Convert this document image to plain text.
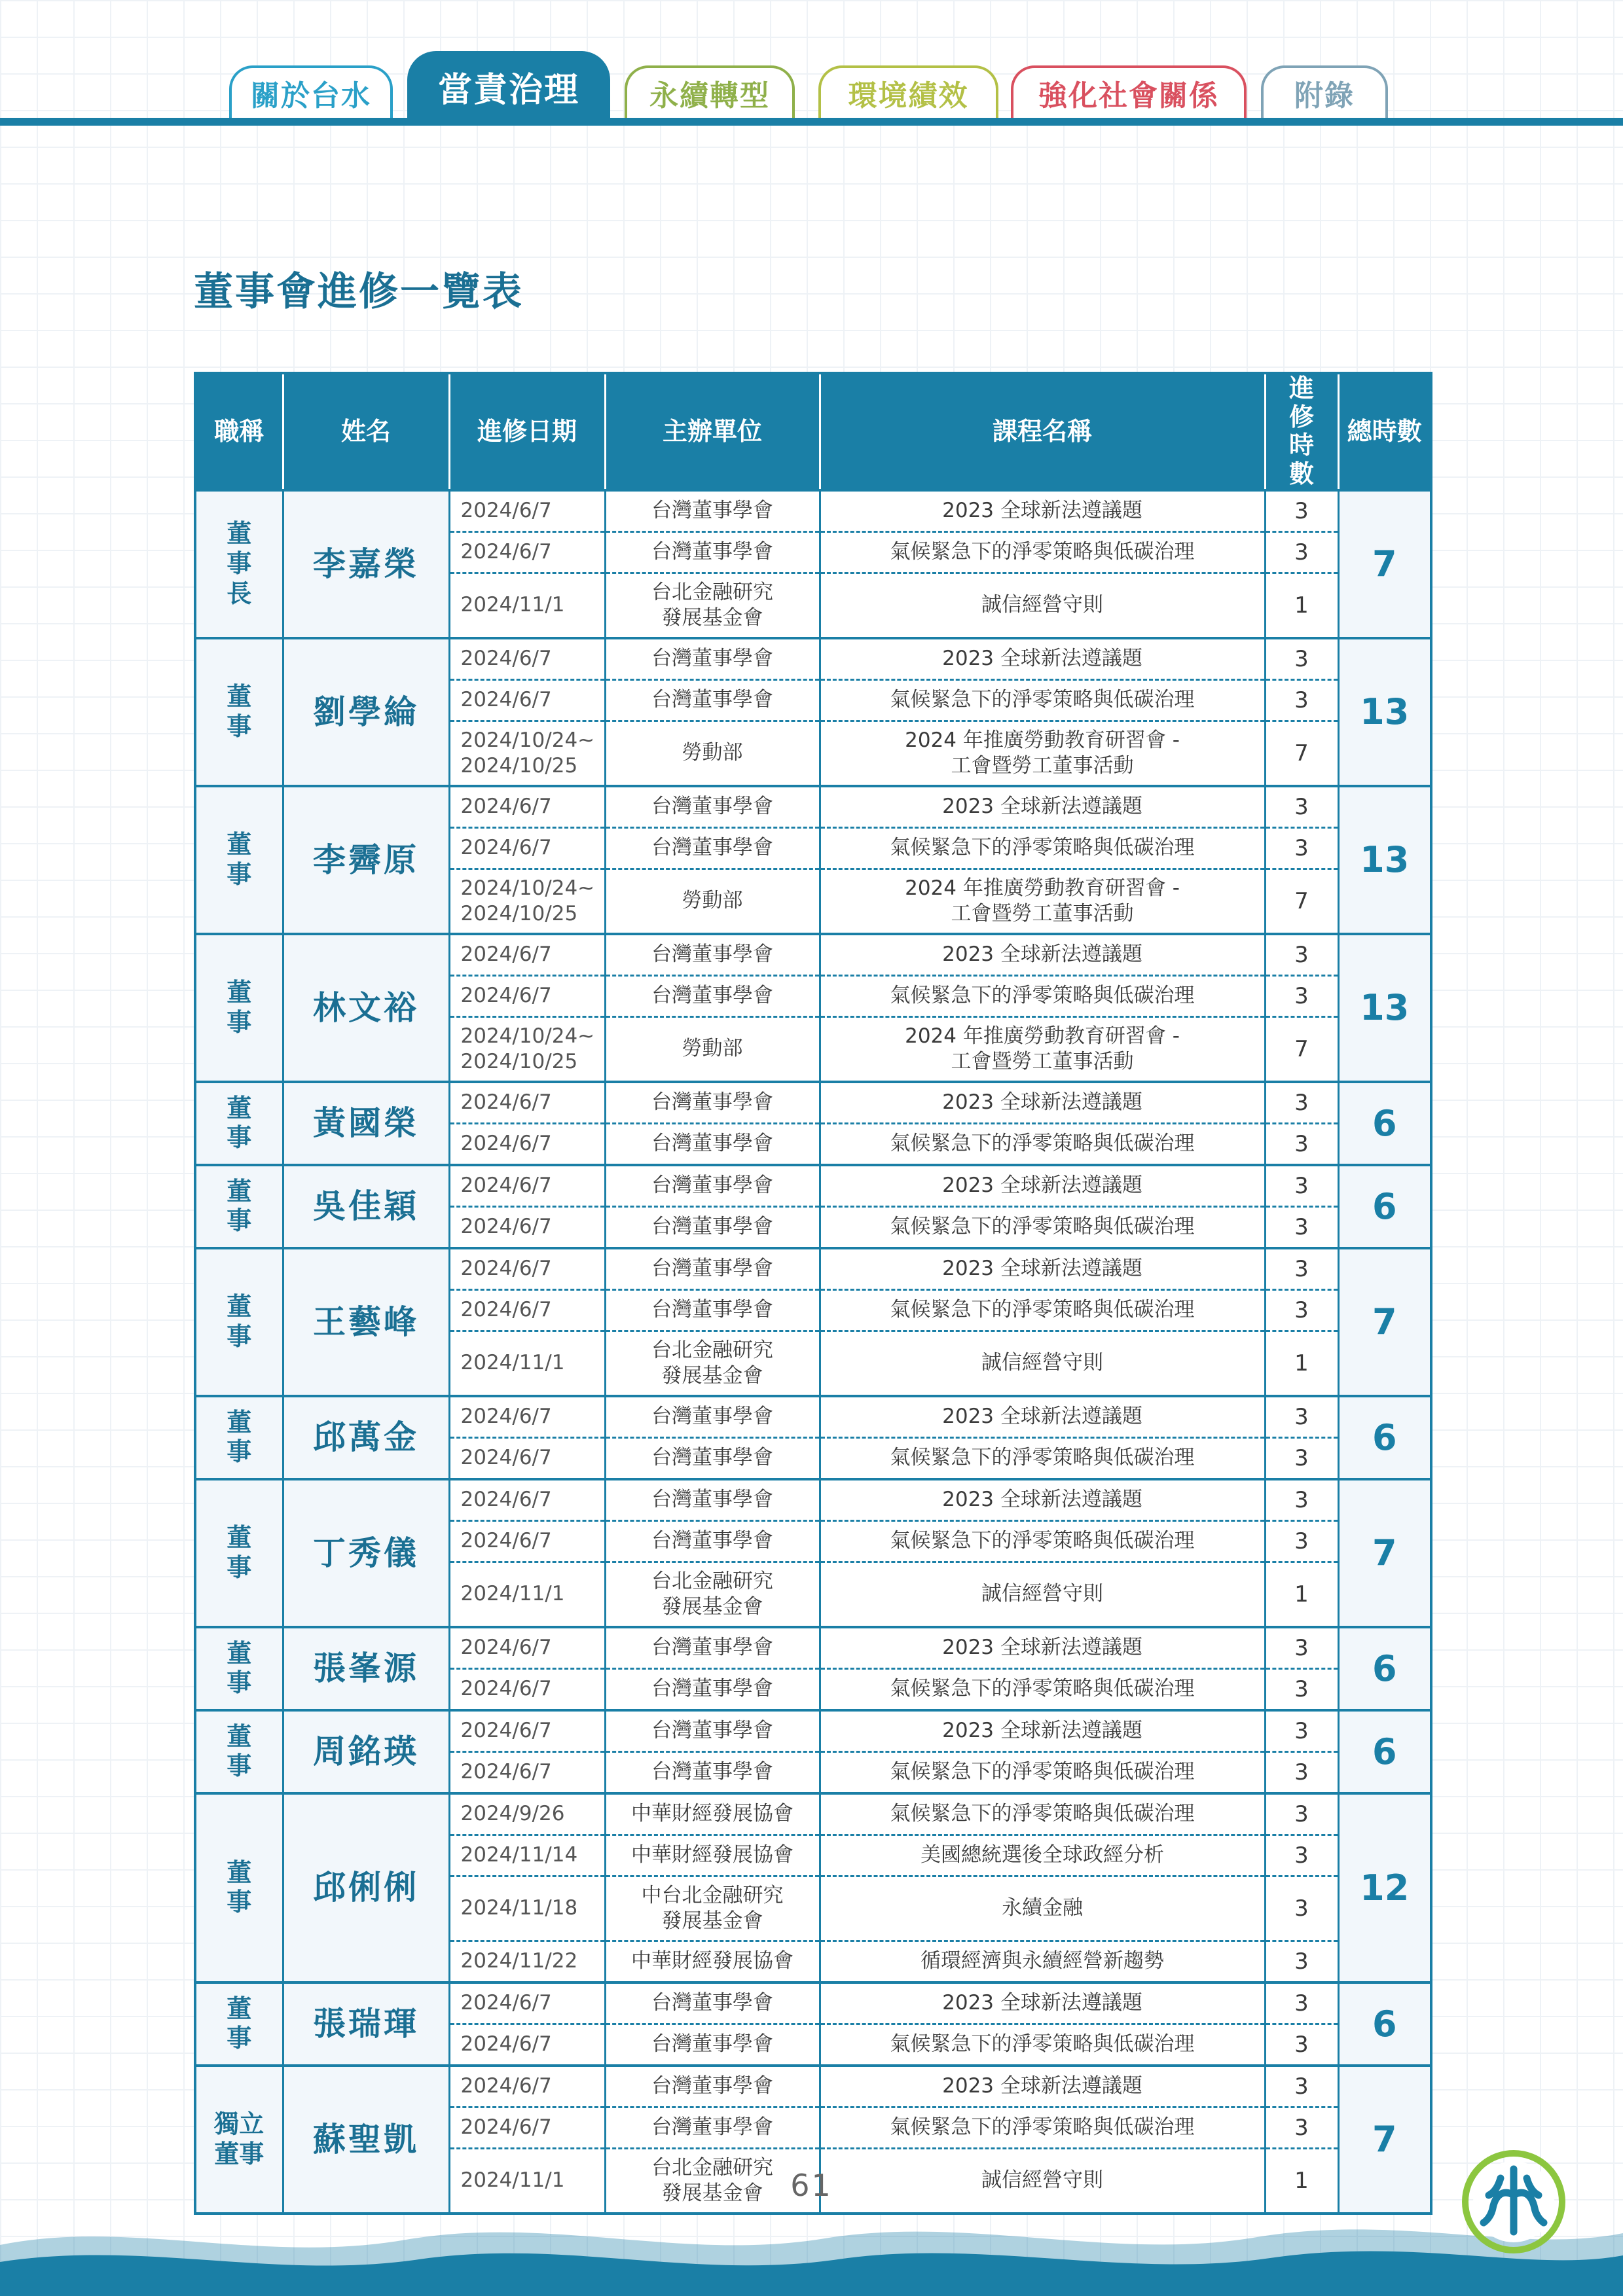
關於台水	當責治理	永續轉型	環境績效	強化社會關係	附錄
董事會進修一覽表
職稱	姓名	進修日期	主辦單位	課程名稱	進修時數	總時數

董
事
長	李嘉榮	2024/6/7	台灣董事學會	2023 全球新法遵議題	3	7
		2024/6/7	台灣董事學會	氣候緊急下的淨零策略與低碳治理	3	
		2024/11/1	台北金融研究
發展基金會	誠信經營守則	1	

董
事	劉學綸	2024/6/7	台灣董事學會	2023 全球新法遵議題	3	13
		2024/6/7	台灣董事學會	氣候緊急下的淨零策略與低碳治理	3	
		2024/10/24~
2024/10/25	勞動部	2024 年推廣勞動教育研習會 -
工會暨勞工董事活動	7	

董
事	李霽原	2024/6/7	台灣董事學會	2023 全球新法遵議題	3	13
		2024/6/7	台灣董事學會	氣候緊急下的淨零策略與低碳治理	3	
		2024/10/24~
2024/10/25	勞動部	2024 年推廣勞動教育研習會 -
工會暨勞工董事活動	7	

董
事	林文裕	2024/6/7	台灣董事學會	2023 全球新法遵議題	3	13
		2024/6/7	台灣董事學會	氣候緊急下的淨零策略與低碳治理	3	
		2024/10/24~
2024/10/25	勞動部	2024 年推廣勞動教育研習會 -
工會暨勞工董事活動	7	

董
事	黃國榮	2024/6/7	台灣董事學會	2023 全球新法遵議題	3	6
		2024/6/7	台灣董事學會	氣候緊急下的淨零策略與低碳治理	3	

董
事	吳佳穎	2024/6/7	台灣董事學會	2023 全球新法遵議題	3	6
		2024/6/7	台灣董事學會	氣候緊急下的淨零策略與低碳治理	3	

董
事	王藝峰	2024/6/7	台灣董事學會	2023 全球新法遵議題	3	7
		2024/6/7	台灣董事學會	氣候緊急下的淨零策略與低碳治理	3	
		2024/11/1	台北金融研究
發展基金會	誠信經營守則	1	

董
事	邱萬金	2024/6/7	台灣董事學會	2023 全球新法遵議題	3	6
		2024/6/7	台灣董事學會	氣候緊急下的淨零策略與低碳治理	3	

董
事	丁秀儀	2024/6/7	台灣董事學會	2023 全球新法遵議題	3	7
		2024/6/7	台灣董事學會	氣候緊急下的淨零策略與低碳治理	3	
		2024/11/1	台北金融研究
發展基金會	誠信經營守則	1	

董
事	張峯源	2024/6/7	台灣董事學會	2023 全球新法遵議題	3	6
		2024/6/7	台灣董事學會	氣候緊急下的淨零策略與低碳治理	3	

董
事	周銘瑛	2024/6/7	台灣董事學會	2023 全球新法遵議題	3	6
		2024/6/7	台灣董事學會	氣候緊急下的淨零策略與低碳治理	3	

董
事	邱俐俐	2024/9/26	中華財經發展協會	氣候緊急下的淨零策略與低碳治理	3	12
		2024/11/14	中華財經發展協會	美國總統選後全球政經分析	3	
		2024/11/18	中台北金融研究
發展基金會	永續金融	3	
		2024/11/22	中華財經發展協會	循環經濟與永續經營新趨勢	3	

董
事	張瑞琿	2024/6/7	台灣董事學會	2023 全球新法遵議題	3	6
		2024/6/7	台灣董事學會	氣候緊急下的淨零策略與低碳治理	3	

獨立
董事	蘇聖凱	2024/6/7	台灣董事學會	2023 全球新法遵議題	3	7
		2024/6/7	台灣董事學會	氣候緊急下的淨零策略與低碳治理	3	
		2024/11/1	台北金融研究
發展基金會	誠信經營守則	1	
61
